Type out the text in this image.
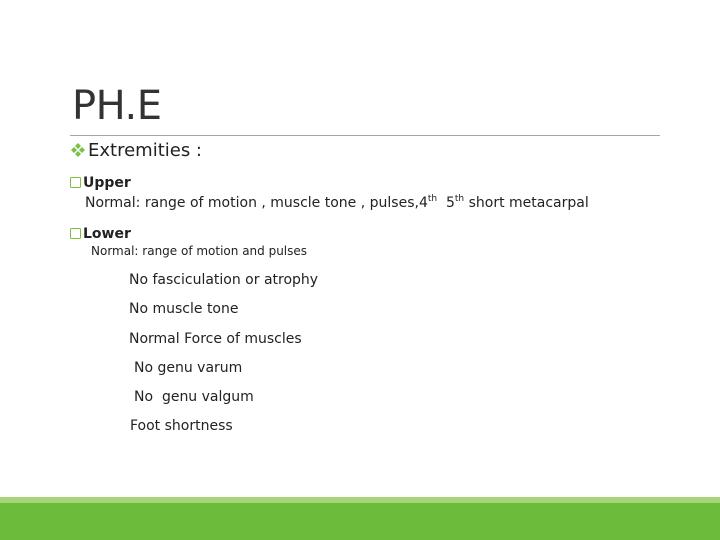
PH.E
Extremities :
Upper
Normal: range of motion , muscle tone , pulses,4th  5th short metacarpal
Lower
Normal: range of motion and pulses
No fasciculation or atrophy
No muscle tone
Normal Force of muscles
No genu varum
No  genu valgum
Foot shortness
